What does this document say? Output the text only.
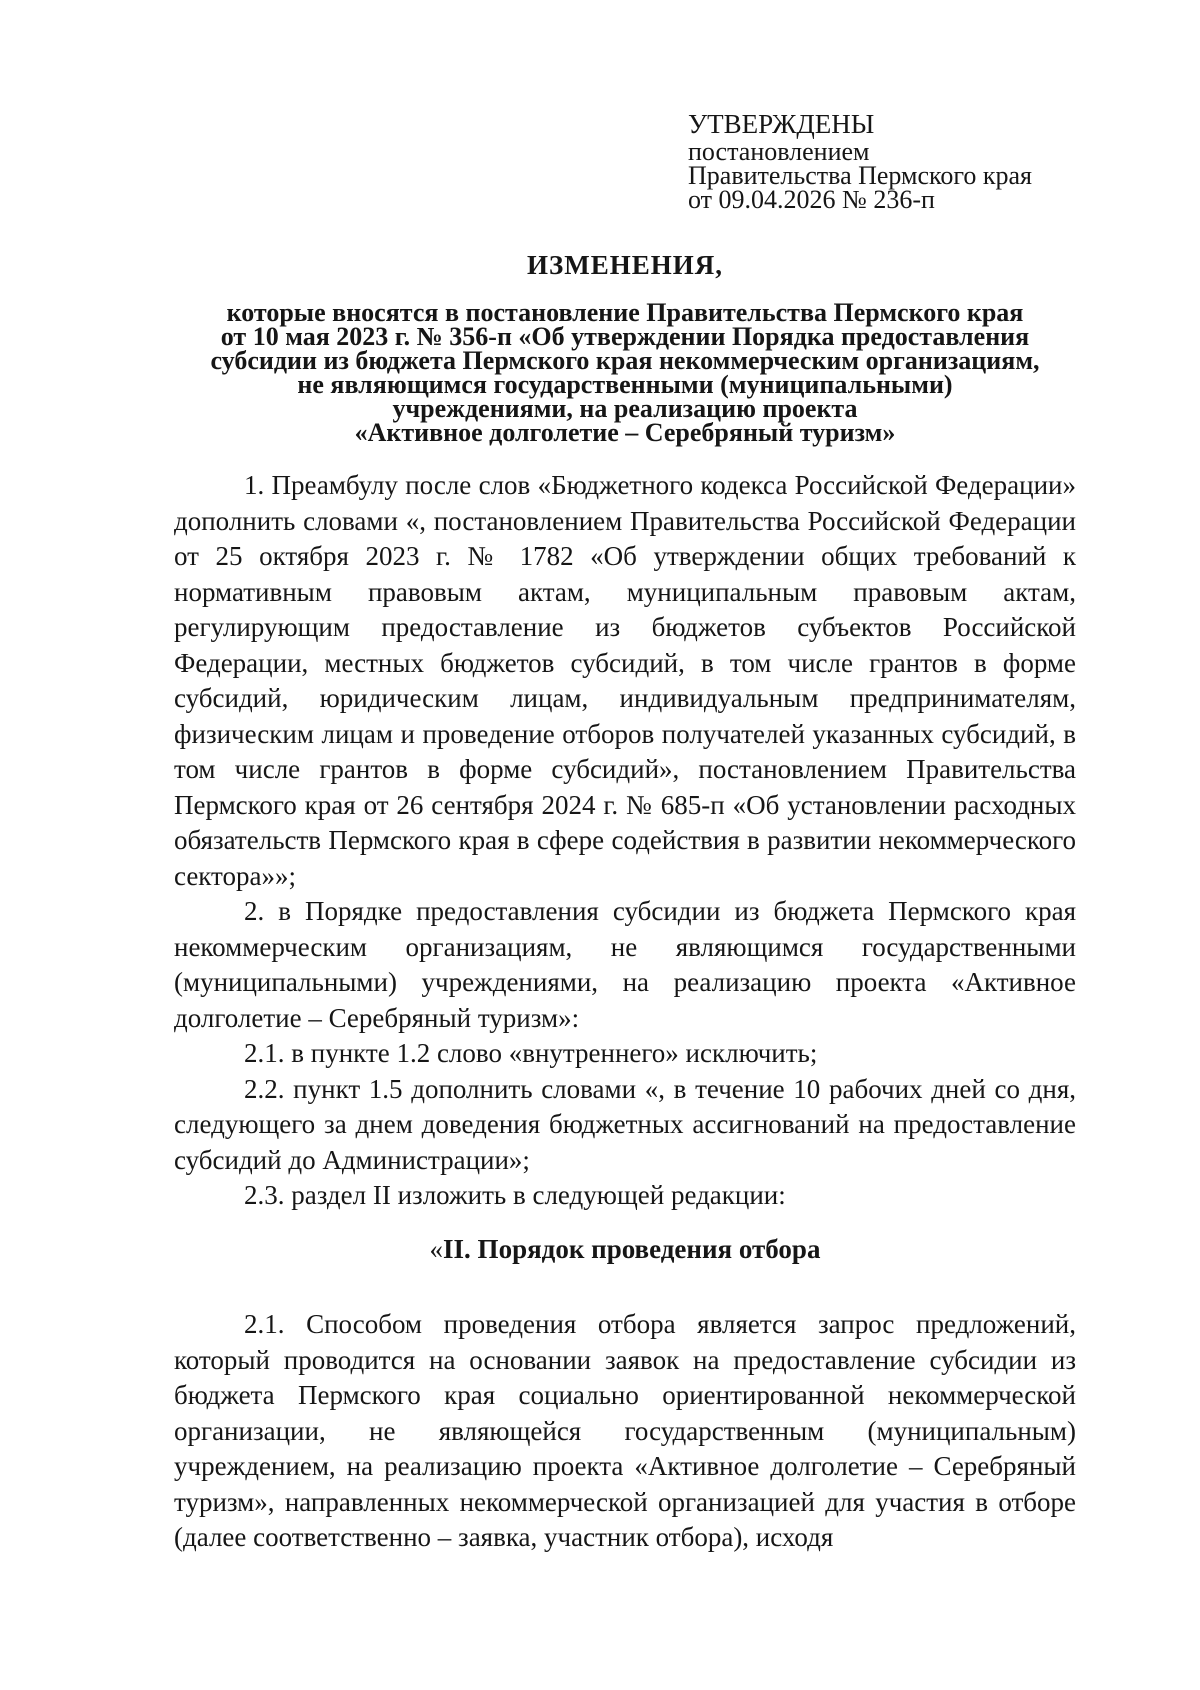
УТВЕРЖДЕНЫ
постановлением
Правительства Пермского края
от 09.04.2026 № 236-п
ИЗМЕНЕНИЯ,
которые вносятся в постановление Правительства Пермского края
от 10 мая 2023 г. № 356-п «Об утверждении Порядка предоставления
субсидии из бюджета Пермского края некоммерческим организациям,
не являющимся государственными (муниципальными)
учреждениями, на реализацию проекта
«Активное долголетие – Серебряный туризм»

1. Преамбулу после слов «Бюджетного кодекса Российской Федерации» дополнить словами «, постановлением Правительства Российской Федерации от 25 октября 2023 г. № 1782 «Об утверждении общих требований к нормативным правовым актам, муниципальным правовым актам, регулирующим предоставление из бюджетов субъектов Российской Федерации, местных бюджетов субсидий, в том числе грантов в форме субсидий, юридическим лицам, индивидуальным предпринимателям, физическим лицам и проведение отборов получателей указанных субсидий, в том числе грантов в форме субсидий», постановлением Правительства Пермского края от 26 сентября 2024 г. № 685-п «Об установлении расходных обязательств Пермского края в сфере содействия в развитии некоммерческого сектора»»;

2. в Порядке предоставления субсидии из бюджета Пермского края некоммерческим организациям, не являющимся государственными (муниципальными) учреждениями, на реализацию проекта «Активное долголетие – Серебряный туризм»:

2.1. в пункте 1.2 слово «внутреннего» исключить;

2.2. пункт 1.5 дополнить словами «, в течение 10 рабочих дней со дня, следующего за днем доведения бюджетных ассигнований на предоставление субсидий до Администрации»;

2.3. раздел II изложить в следующей редакции:

«II. Порядок проведения отбора

2.1. Способом проведения отбора является запрос предложений, который проводится на основании заявок на предоставление субсидии из бюджета Пермского края социально ориентированной некоммерческой организации, не являющейся государственным (муниципальным) учреждением, на реализацию проекта «Активное долголетие – Серебряный туризм», направленных некоммерческой организацией для участия в отборе (далее соответственно – заявка, участник отбора), исходя
